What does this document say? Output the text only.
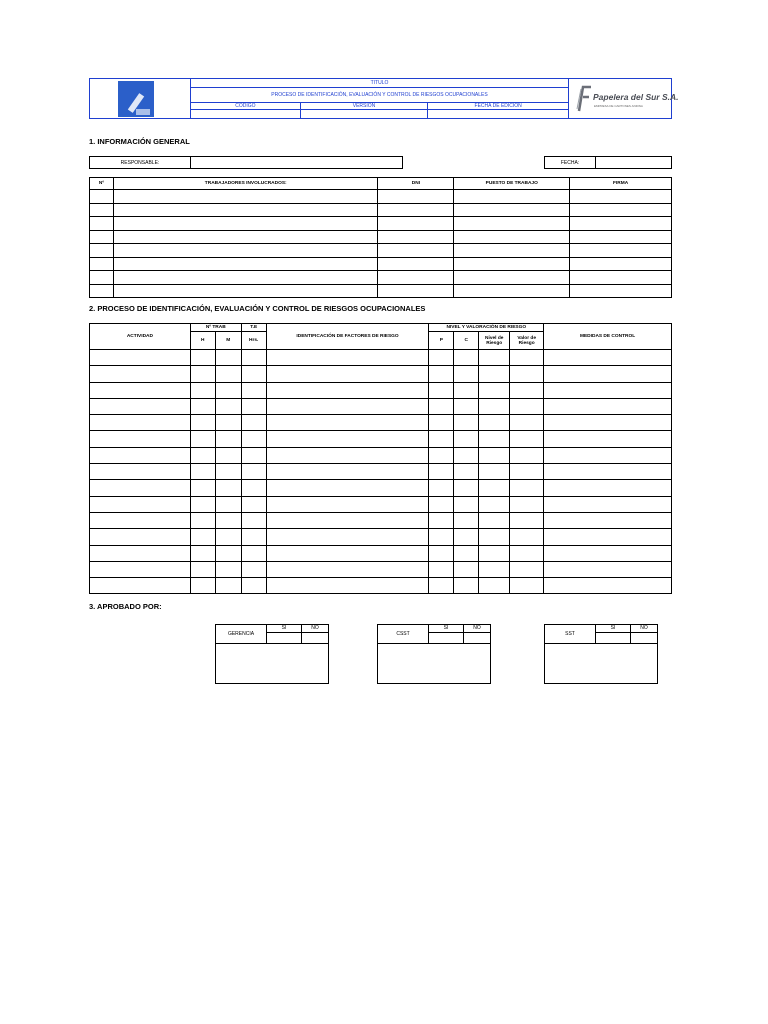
TITULO
PROCESO DE IDENTIFICACIÓN, EVALUACIÓN Y CONTROL DE RIESGOS OCUPACIONALES
CODIGO	VERSION	FECHA DE EDICION
Papelera del Sur S.A.
EMPRESA DE CARTONES ANDINA
1. INFORMACIÓN GENERAL
RESPONSABLE:	FECHA:
Nº	TRABAJADORES INVOLUCRADOS:	DNI	PUESTO DE TRABAJO	FIRMA

2. PROCESO DE IDENTIFICACIÓN, EVALUACIÓN Y CONTROL DE RIESGOS OCUPACIONALES
ACTIVIDAD	Nº TRAB		T.E	IDENTIFICACIÓN DE FACTORES DE RIESGO	NIVEL Y VALORACIÓN DE RIESGO				MEDIDAS DE CONTROL
	H	M	Hrs.		P	C	Nivel de Riesgo	Valor de Riesgo	

3. APROBADO POR:
GERENCIA
SI	NO
CSST
SI	NO
SST
SI	NO
